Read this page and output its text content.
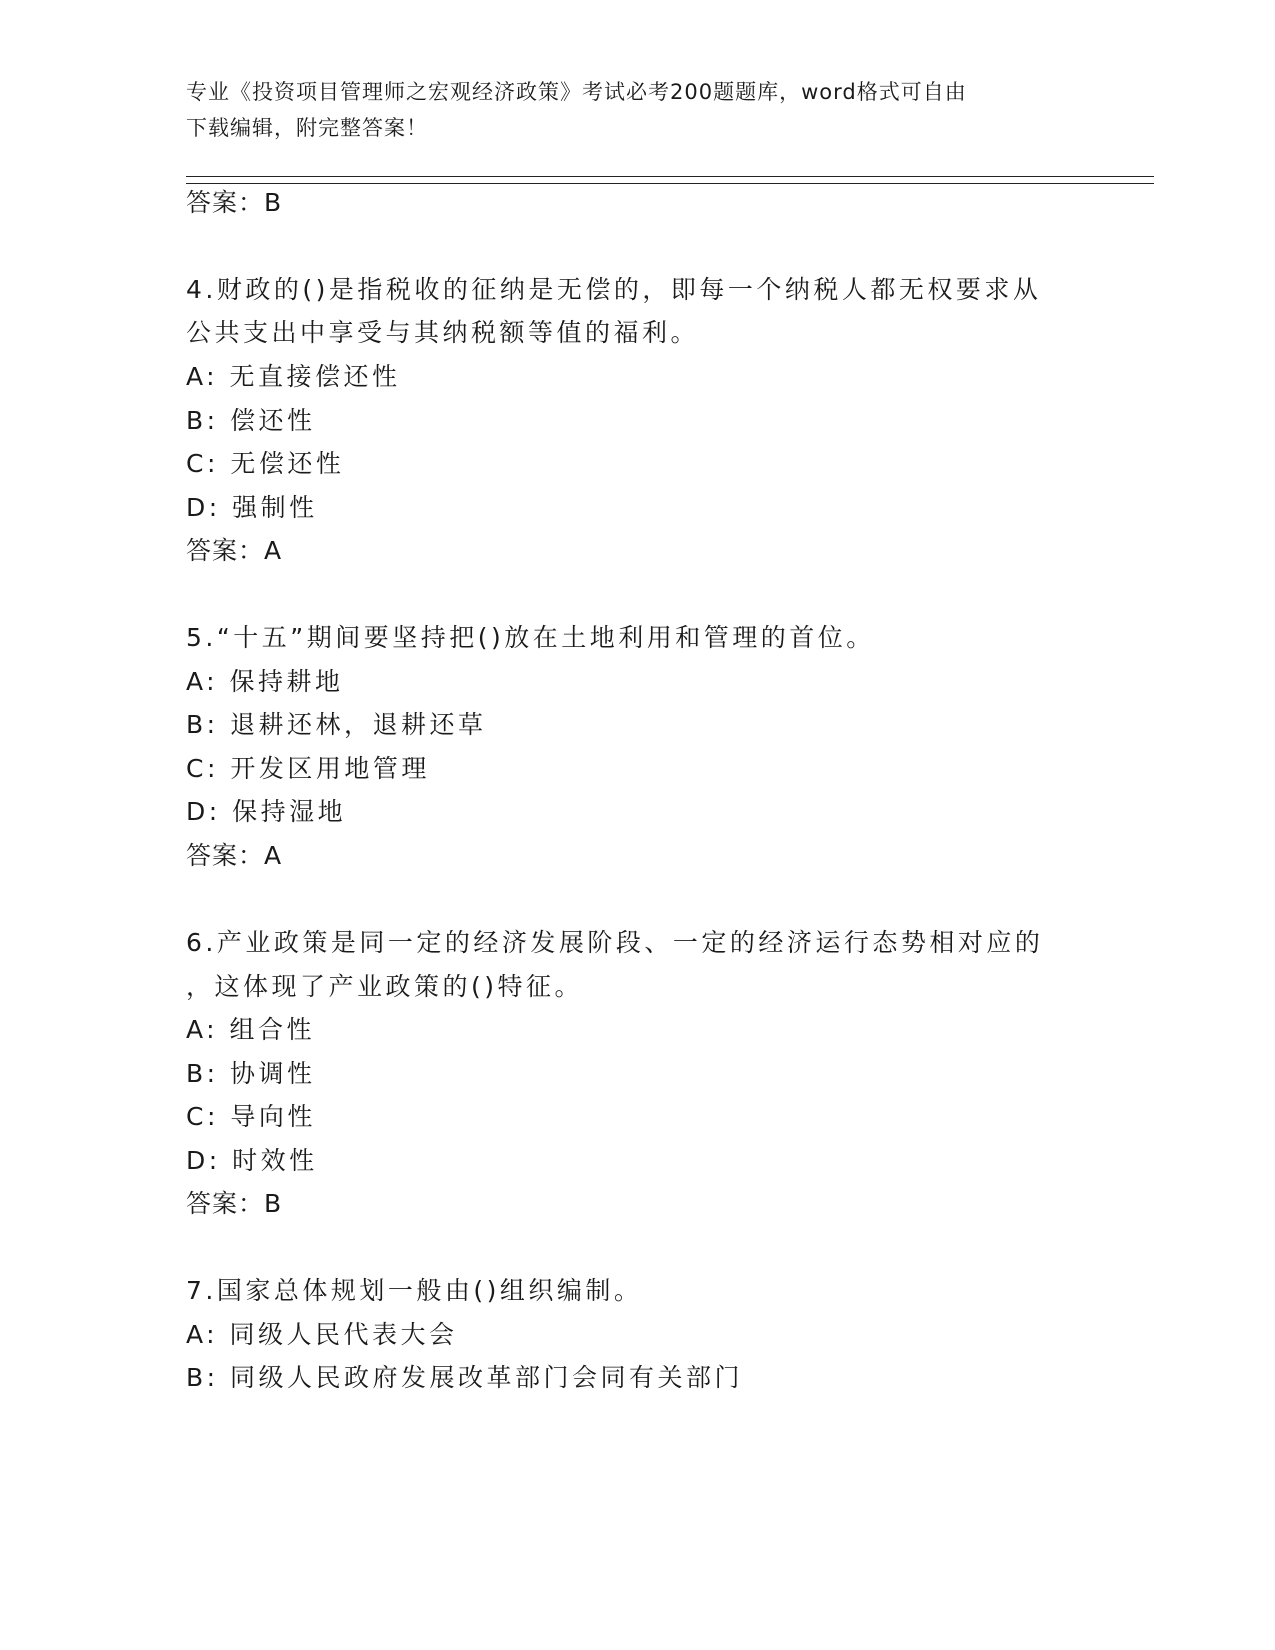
专业《投资项目管理师之宏观经济政策》考试必考200题题库，word格式可自由
下载编辑，附完整答案！

答案：B

4.财政的()是指税收的征纳是无偿的，即每一个纳税人都无权要求从

公共支出中享受与其纳税额等值的福利。

A: 无直接偿还性

B: 偿还性

C: 无偿还性

D: 强制性

答案：A

5.“十五”期间要坚持把()放在土地利用和管理的首位。

A: 保持耕地

B: 退耕还林，退耕还草

C: 开发区用地管理

D: 保持湿地

答案：A

6.产业政策是同一定的经济发展阶段、一定的经济运行态势相对应的

，这体现了产业政策的()特征。

A: 组合性

B: 协调性

C: 导向性

D: 时效性

答案：B

7.国家总体规划一般由()组织编制。

A: 同级人民代表大会

B: 同级人民政府发展改革部门会同有关部门
